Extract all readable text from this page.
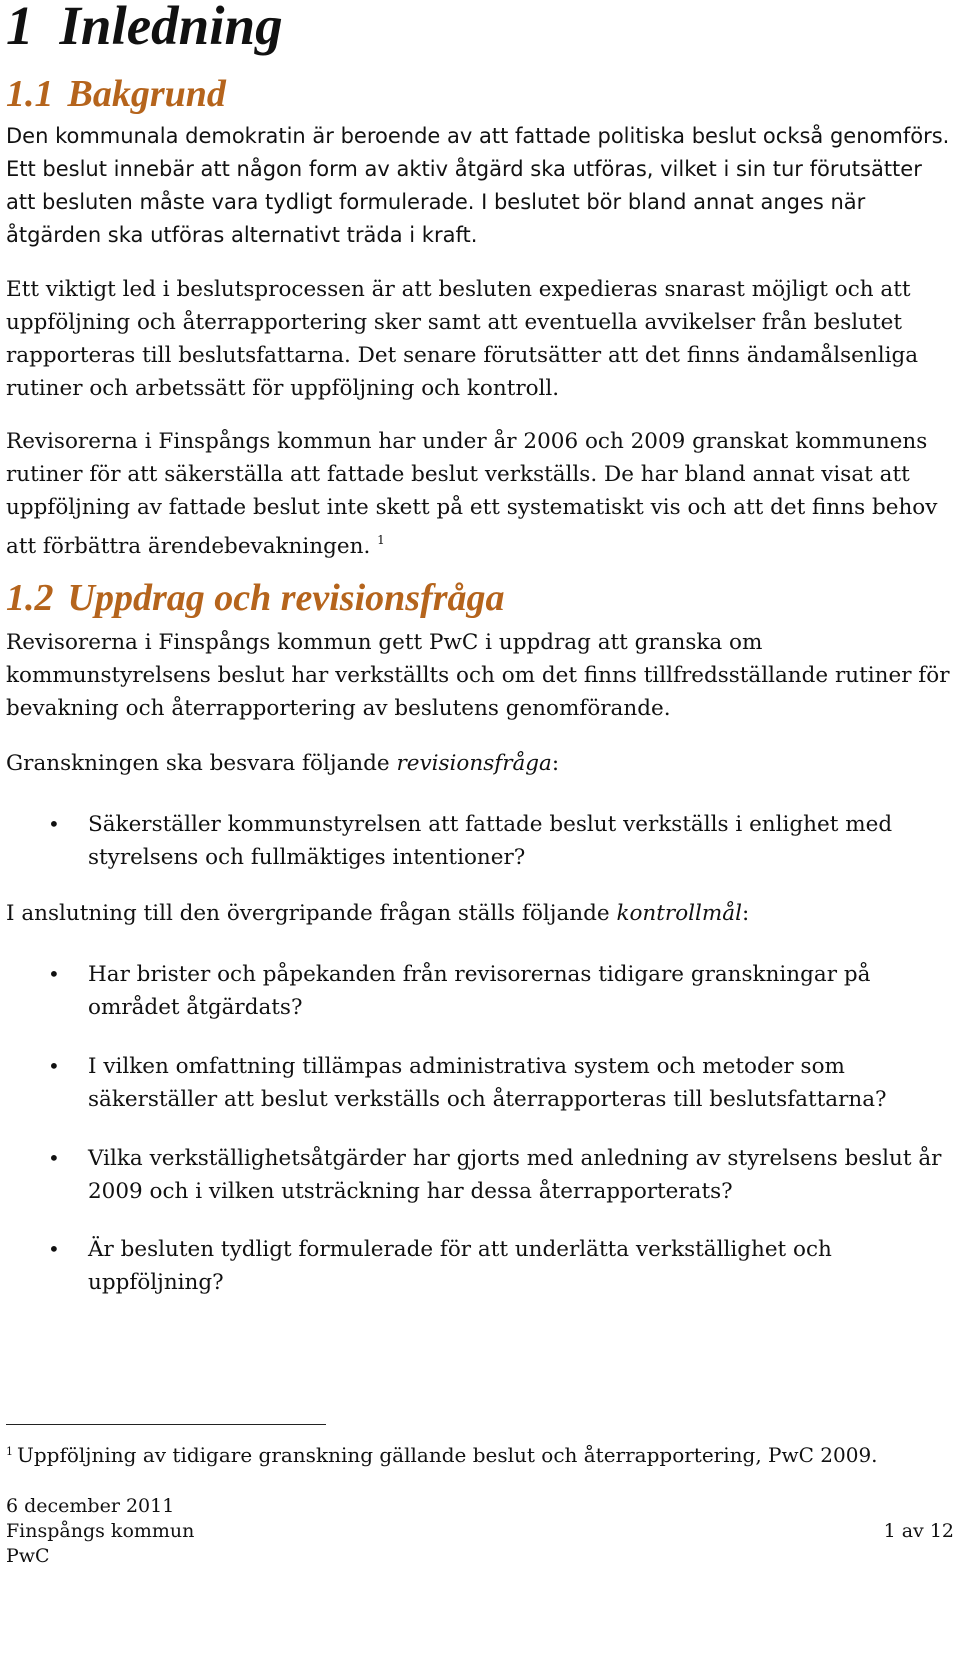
1 Inledning
1.1 Bakgrund

Den kommunala demokratin är beroende av att fattade politiska beslut också genomförs. Ett beslut innebär att någon form av aktiv åtgärd ska utföras, vilket i sin tur förutsätter att besluten måste vara tydligt formulerade. I beslutet bör bland annat anges när åtgärden ska utföras alternativt träda i kraft.

Ett viktigt led i beslutsprocessen är att besluten expedieras snarast möjligt och att uppföljning och återrapportering sker samt att eventuella avvikelser från beslutet rapporteras till beslutsfattarna. Det senare förutsätter att det finns ändamålsenliga rutiner och arbetssätt för uppföljning och kontroll.

Revisorerna i Finspångs kommun har under år 2006 och 2009 granskat kommunens rutiner för att säkerställa att fattade beslut verkställs. De har bland annat visat att uppföljning av fattade beslut inte skett på ett systematiskt vis och att det finns behov att förbättra ärendebevakningen. $^1$

1.2 Uppdrag och revisionsfråga

Revisorerna i Finspångs kommun gett PwC i uppdrag att granska om kommunstyrelsens beslut har verkställts och om det finns tillfredsställande rutiner för bevakning och återrapportering av beslutens genomförande.

Granskningen ska besvara följande revisionsfråga:

• Säkerställer kommunstyrelsen att fattade beslut verkställs i enlighet med styrelsens och fullmäktiges intentioner?

I anslutning till den övergripande frågan ställs följande kontrollmål:

• Har brister och påpekanden från revisorernas tidigare granskningar på området åtgärdats?

• I vilken omfattning tillämpas administrativa system och metoder som säkerställer att beslut verkställs och återrapporteras till beslutsfattarna?

• Vilka verkställighetsåtgärder har gjorts med anledning av styrelsens beslut år 2009 och i vilken utsträckning har dessa återrapporterats?

• Är besluten tydligt formulerade för att underlätta verkställighet och uppföljning?

$^1$ Uppföljning av tidigare granskning gällande beslut och återrapportering, PwC 2009.
6 december 2011
Finspångs kommun
PwC
1 av 12
